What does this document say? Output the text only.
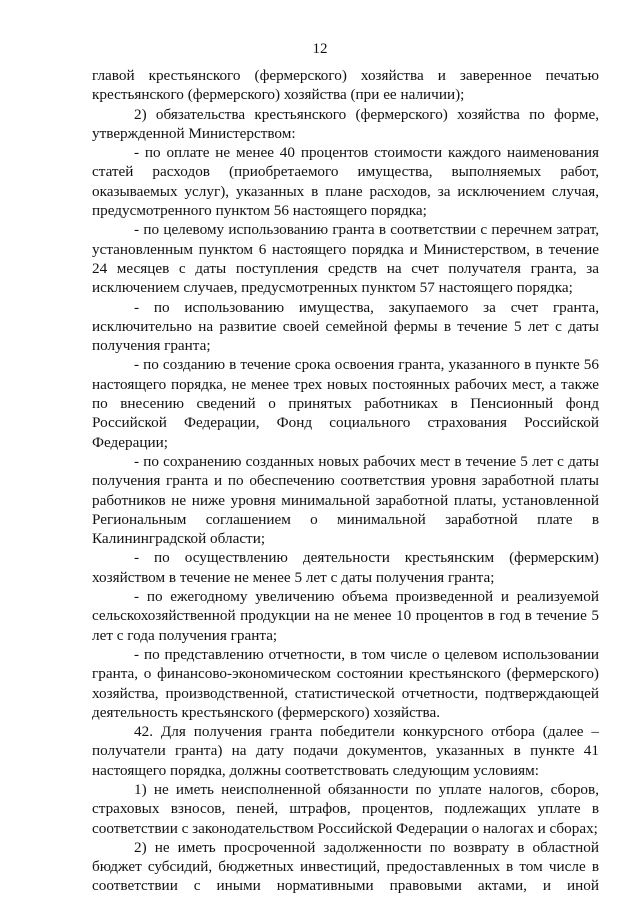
12

главой крестьянского (фермерского) хозяйства и заверенное печатью крестьянского (фермерского) хозяйства (при ее наличии);

2) обязательства крестьянского (фермерского) хозяйства по форме, утвержденной Министерством:

- по оплате не менее 40 процентов стоимости каждого наименования статей расходов (приобретаемого имущества, выполняемых работ, оказываемых услуг), указанных в плане расходов, за исключением случая, предусмотренного пунктом 56 настоящего порядка;

- по целевому использованию гранта в соответствии с перечнем затрат, установленным пунктом 6 настоящего порядка и Министерством, в течение 24 месяцев с даты поступления средств на счет получателя гранта, за исключением случаев, предусмотренных пунктом 57 настоящего порядка;

- по использованию имущества, закупаемого за счет гранта, исключительно на развитие своей семейной фермы в течение 5 лет с даты получения гранта;

- по созданию в течение срока освоения гранта, указанного в пункте 56 настоящего порядка, не менее трех новых постоянных рабочих мест, а также по внесению сведений о принятых работниках в Пенсионный фонд Российской Федерации, Фонд социального страхования Российской Федерации;

- по сохранению созданных новых рабочих мест в течение 5 лет с даты получения гранта и по обеспечению соответствия уровня заработной платы работников не ниже уровня минимальной заработной платы, установленной Региональным соглашением о минимальной заработной плате в Калининградской области;

- по осуществлению деятельности крестьянским (фермерским) хозяйством в течение не менее 5 лет с даты получения гранта;

- по ежегодному увеличению объема произведенной и реализуемой сельскохозяйственной продукции на не менее 10 процентов в год в течение 5 лет с года получения гранта;

- по представлению отчетности, в том числе о целевом использовании гранта, о финансово-экономическом состоянии крестьянского (фермерского) хозяйства, производственной, статистической отчетности, подтверждающей деятельность крестьянского (фермерского) хозяйства.

42. Для получения гранта победители конкурсного отбора (далее – получатели гранта) на дату подачи документов, указанных в пункте 41 настоящего порядка, должны соответствовать следующим условиям:

1) не иметь неисполненной обязанности по уплате налогов, сборов, страховых взносов, пеней, штрафов, процентов, подлежащих уплате в соответствии с законодательством Российской Федерации о налогах и сборах;

2) не иметь просроченной задолженности по возврату в областной бюджет субсидий, бюджетных инвестиций, предоставленных в том числе в соответствии с иными нормативными правовыми актами, и иной
